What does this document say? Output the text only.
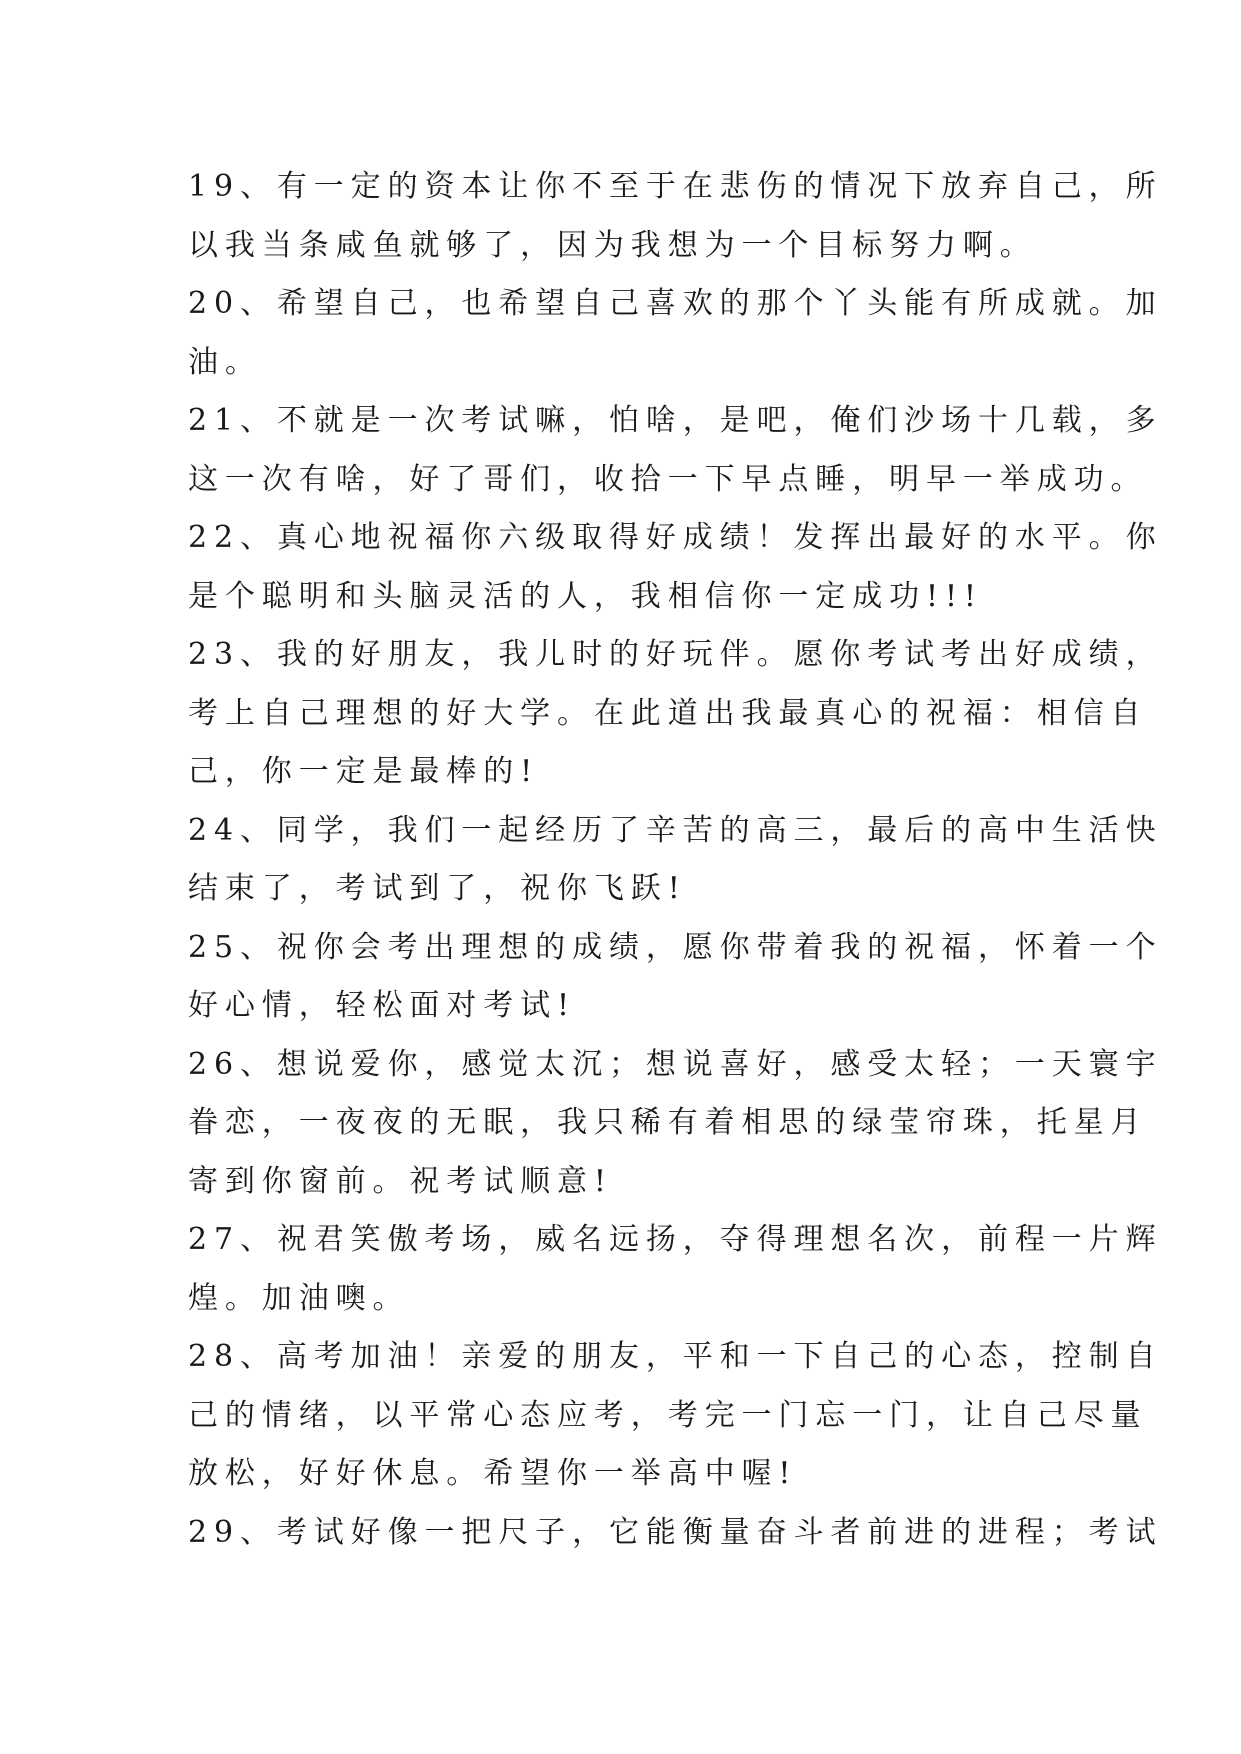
19、有一定的资本让你不至于在悲伤的情况下放弃自己，所
以我当条咸鱼就够了，因为我想为一个目标努力啊。
20、希望自己，也希望自己喜欢的那个丫头能有所成就。加
油。
21、不就是一次考试嘛，怕啥，是吧，俺们沙场十几载，多
这一次有啥，好了哥们，收拾一下早点睡，明早一举成功。
22、真心地祝福你六级取得好成绩！发挥出最好的水平。你
是个聪明和头脑灵活的人，我相信你一定成功!!!
23、我的好朋友，我儿时的好玩伴。愿你考试考出好成绩，
考上自己理想的好大学。在此道出我最真心的祝福：相信自
己，你一定是最棒的!
24、同学，我们一起经历了辛苦的高三，最后的高中生活快
结束了，考试到了，祝你飞跃!
25、祝你会考出理想的成绩，愿你带着我的祝福，怀着一个
好心情，轻松面对考试!
26、想说爱你，感觉太沉；想说喜好，感受太轻；一天寰宇
眷恋，一夜夜的无眠，我只稀有着相思的绿莹帘珠，托星月
寄到你窗前。祝考试顺意!
27、祝君笑傲考场，威名远扬，夺得理想名次，前程一片辉
煌。加油噢。
28、高考加油！亲爱的朋友，平和一下自己的心态，控制自
己的情绪，以平常心态应考，考完一门忘一门，让自己尽量
放松，好好休息。希望你一举高中喔!
29、考试好像一把尺子，它能衡量奋斗者前进的进程；考试
